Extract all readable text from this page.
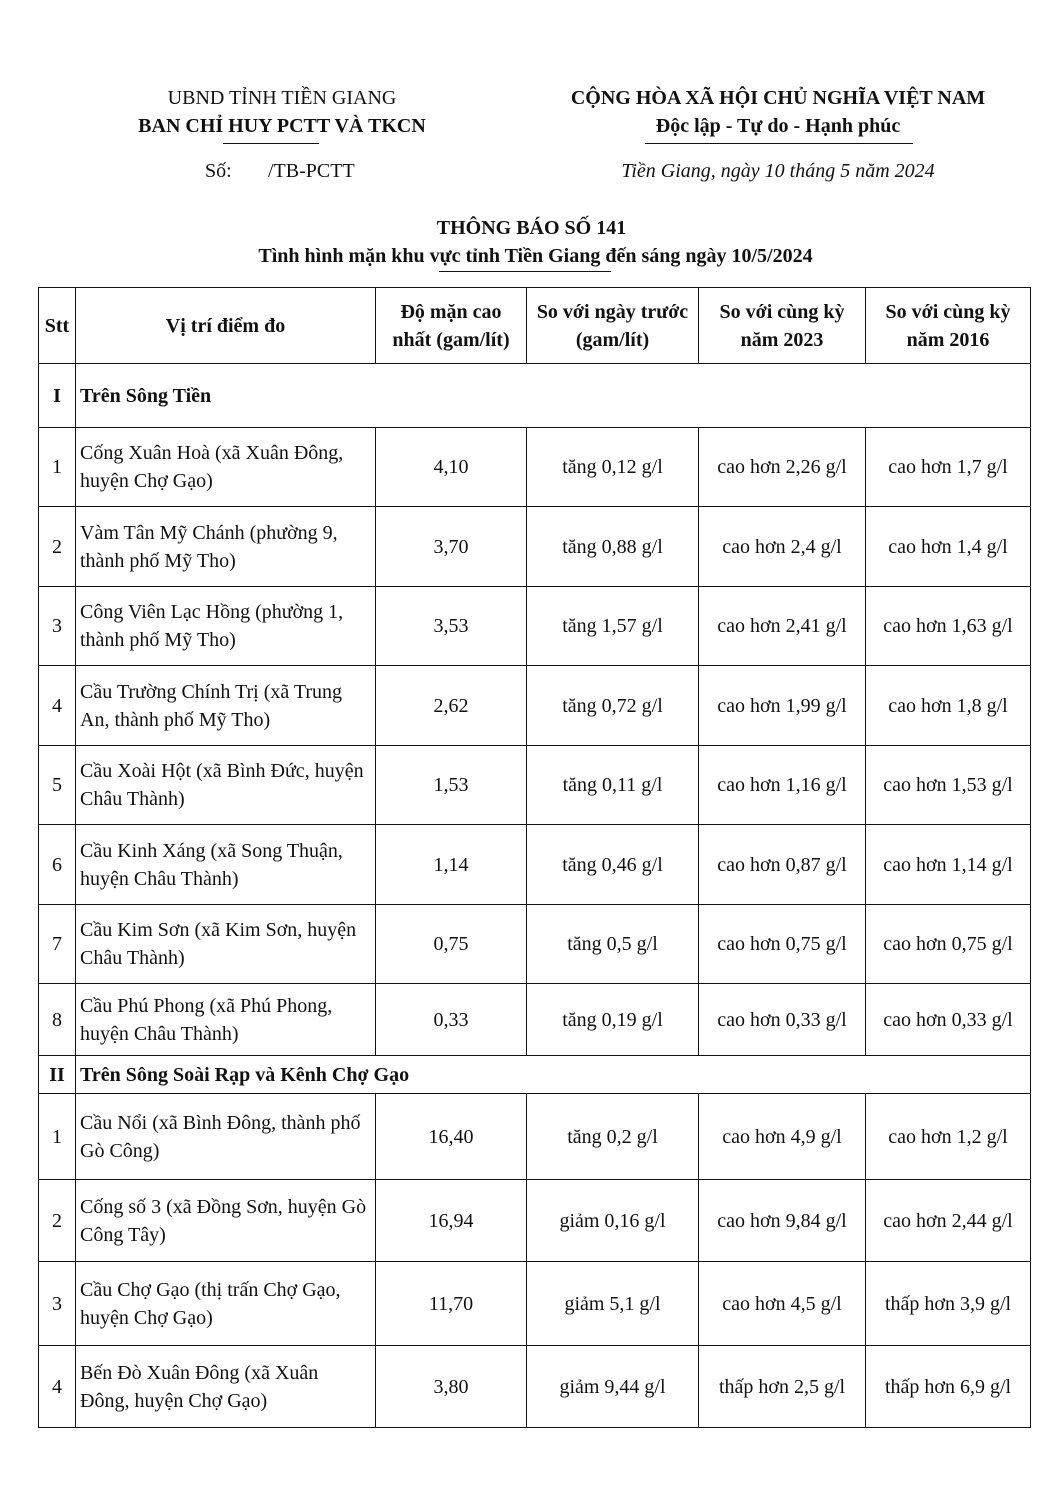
UBND TỈNH TIỀN GIANG
BAN CHỈ HUY PCTT VÀ TKCN
CỘNG HÒA XÃ HỘI CHỦ NGHĨA VIỆT NAM
Độc lập - Tự do - Hạnh phúc
Số: /TB-PCTT	Tiền Giang, ngày 10 tháng 5 năm 2024
THÔNG BÁO SỐ 141
Tình hình mặn khu vực tỉnh Tiền Giang đến sáng ngày 10/5/2024
Stt	Vị trí điểm đo	Độ mặn cao nhất (gam/lít)	So với ngày trước (gam/lít)	So với cùng kỳ năm 2023	So với cùng kỳ năm 2016
I	Trên Sông Tiền				
1	Cống Xuân Hoà (xã Xuân Đông, huyện Chợ Gạo)	4,10	tăng 0,12 g/l	cao hơn 2,26 g/l	cao hơn 1,7 g/l
2	Vàm Tân Mỹ Chánh (phường 9, thành phố Mỹ Tho)	3,70	tăng 0,88 g/l	cao hơn 2,4 g/l	cao hơn 1,4 g/l
3	Công Viên Lạc Hồng (phường 1, thành phố Mỹ Tho)	3,53	tăng 1,57 g/l	cao hơn 2,41 g/l	cao hơn 1,63 g/l
4	Cầu Trường Chính Trị (xã Trung An, thành phố Mỹ Tho)	2,62	tăng 0,72 g/l	cao hơn 1,99 g/l	cao hơn 1,8 g/l
5	Cầu Xoài Hột (xã Bình Đức, huyện Châu Thành)	1,53	tăng 0,11 g/l	cao hơn 1,16 g/l	cao hơn 1,53 g/l
6	Cầu Kinh Xáng (xã Song Thuận, huyện Châu Thành)	1,14	tăng 0,46 g/l	cao hơn 0,87 g/l	cao hơn 1,14 g/l
7	Cầu Kim Sơn (xã Kim Sơn, huyện Châu Thành)	0,75	tăng 0,5 g/l	cao hơn 0,75 g/l	cao hơn 0,75 g/l
8	Cầu Phú Phong (xã Phú Phong, huyện Châu Thành)	0,33	tăng 0,19 g/l	cao hơn 0,33 g/l	cao hơn 0,33 g/l
II	Trên Sông Soài Rạp và Kênh Chợ Gạo				
1	Cầu Nổi (xã Bình Đông, thành phố Gò Công)	16,40	tăng 0,2 g/l	cao hơn 4,9 g/l	cao hơn 1,2 g/l
2	Cống số 3 (xã Đồng Sơn, huyện Gò Công Tây)	16,94	giảm 0,16 g/l	cao hơn 9,84 g/l	cao hơn 2,44 g/l
3	Cầu Chợ Gạo (thị trấn Chợ Gạo, huyện Chợ Gạo)	11,70	giảm 5,1 g/l	cao hơn 4,5 g/l	thấp hơn 3,9 g/l
4	Bến Đò Xuân Đông (xã Xuân Đông, huyện Chợ Gạo)	3,80	giảm 9,44 g/l	thấp hơn 2,5 g/l	thấp hơn 6,9 g/l
